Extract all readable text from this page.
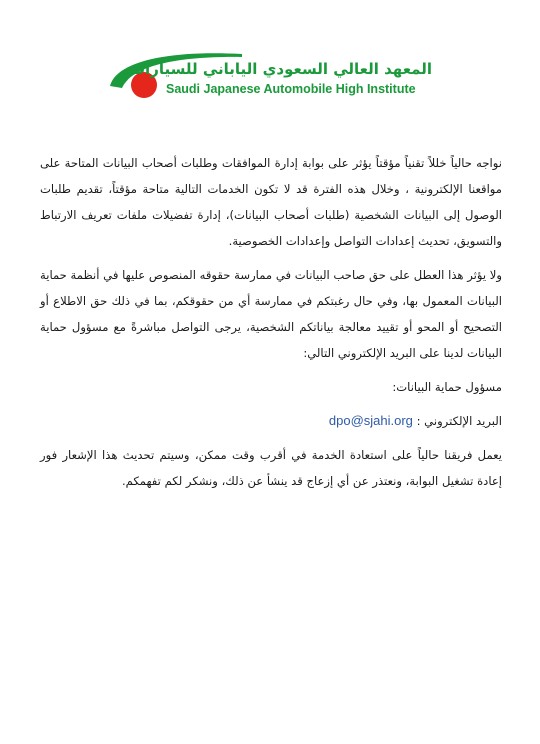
المعهد العالي السعودي الياباني للسيارات
Saudi Japanese Automobile High Institute

نواجه حالياً خللاً تقنياً مؤقتاً يؤثر على بوابة إدارة الموافقات وطلبات أصحاب البيانات المتاحة على مواقعنا الإلكترونية ، وخلال هذه الفترة قد لا تكون الخدمات التالية متاحة مؤقتاً، تقديم طلبات الوصول إلى البيانات الشخصية (طلبات أصحاب البيانات)، إدارة تفضيلات ملفات تعريف الارتباط والتسويق، تحديث إعدادات التواصل وإعدادات الخصوصية.

ولا يؤثر هذا العطل على حق صاحب البيانات في ممارسة حقوقه المنصوص عليها في أنظمة حماية البيانات المعمول بها، وفي حال رغبتكم في ممارسة أي من حقوقكم، بما في ذلك حق الاطلاع أو التصحيح أو المحو أو تقييد معالجة بياناتكم الشخصية، يرجى التواصل مباشرةً مع مسؤول حماية البيانات لدينا على البريد الإلكتروني التالي:

مسؤول حماية البيانات:

البريد الإلكتروني : dpo@sjahi.org

يعمل فريقنا حالياً على استعادة الخدمة في أقرب وقت ممكن، وسيتم تحديث هذا الإشعار فور إعادة تشغيل البوابة، ونعتذر عن أي إزعاج قد ينشأ عن ذلك، ونشكر لكم تفهمكم.
